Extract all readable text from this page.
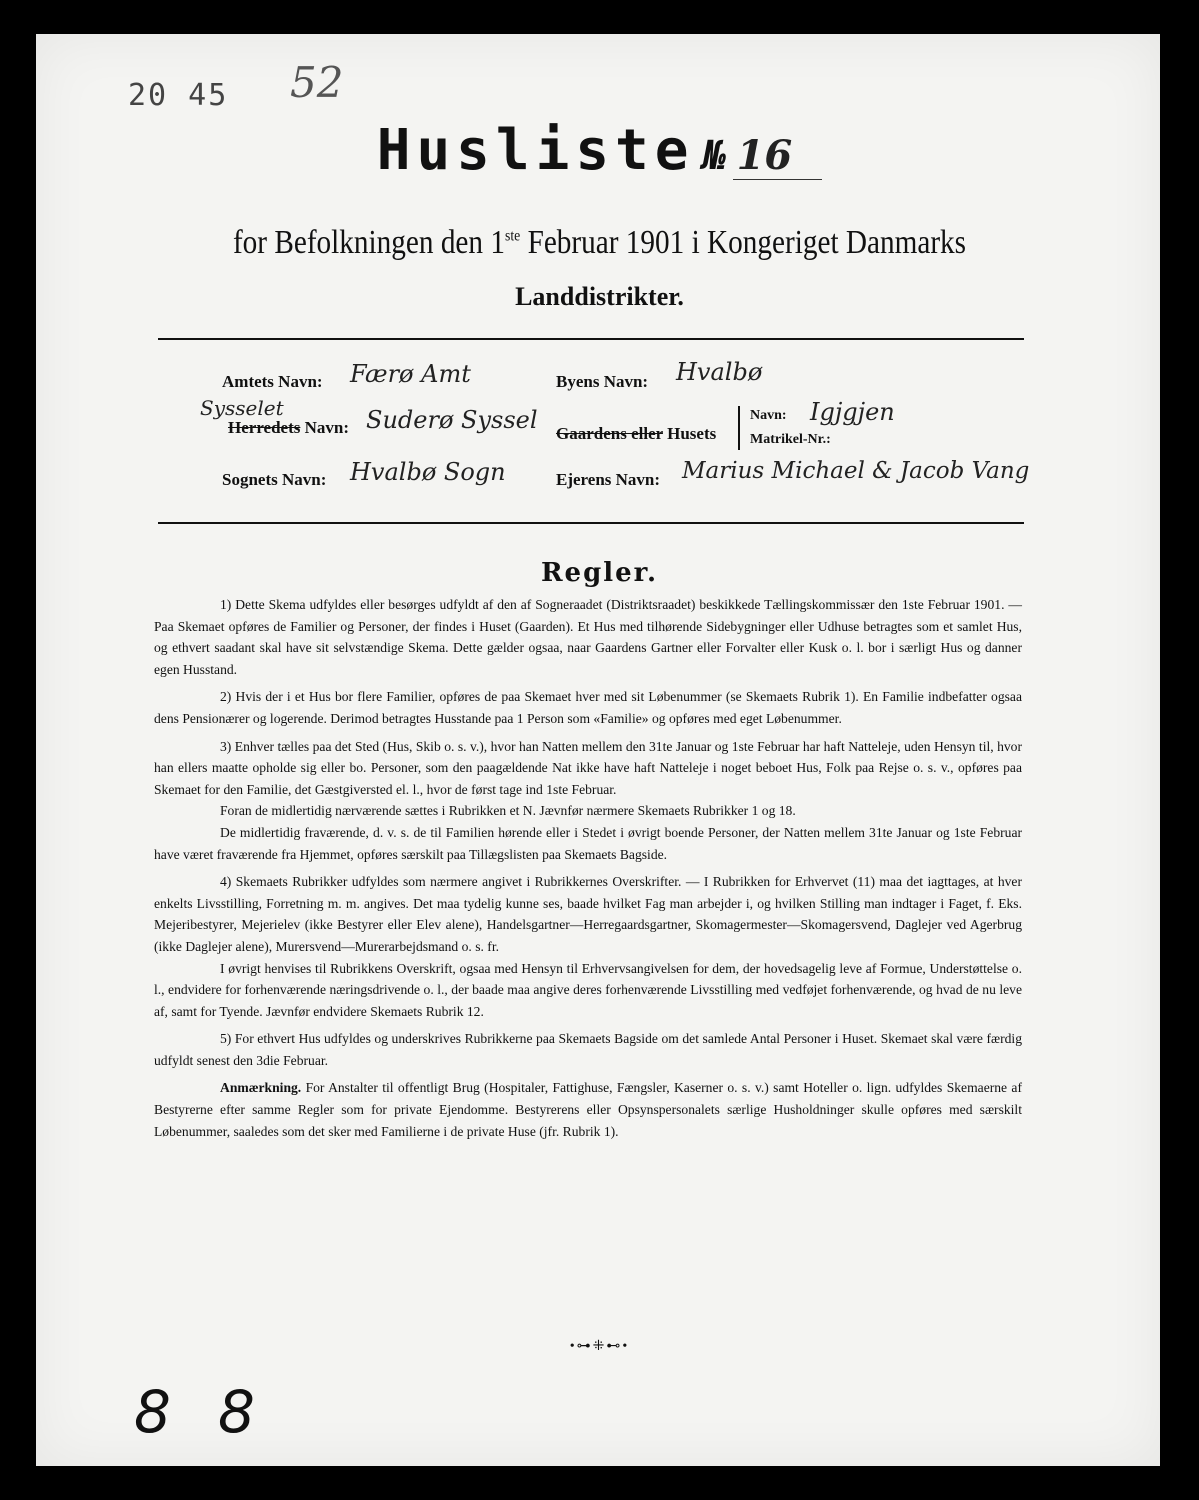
20 45 52
Husliste № 16
for Befolkningen den 1ste Februar 1901 i Kongeriget Danmarks
Landdistrikter.
Amtets Navn: Færø Amt
Sysselet
Herredets Navn: Suderø Syssel
Sognets Navn: Hvalbø Sogn
Byens Navn: Hvalbø
Gaardens eller Husets
Navn: Igjgjen
Matrikel-Nr.:
Ejerens Navn: Marius Michael & Jacob Vang
Regler.

1) Dette Skema udfyldes eller besørges udfyldt af den af Sogneraadet (Distriktsraadet) beskikkede Tællingskommissær den 1ste Februar 1901. — Paa Skemaet opføres de Familier og Personer, der findes i Huset (Gaarden). Et Hus med tilhørende Sidebygninger eller Udhuse betragtes som et samlet Hus, og ethvert saadant skal have sit selvstændige Skema. Dette gælder ogsaa, naar Gaardens Gartner eller Forvalter eller Kusk o. l. bor i særligt Hus og danner egen Husstand.

2) Hvis der i et Hus bor flere Familier, opføres de paa Skemaet hver med sit Løbenummer (se Skemaets Rubrik 1). En Familie indbefatter ogsaa dens Pensionærer og logerende. Derimod betragtes Husstande paa 1 Person som «Familie» og opføres med eget Løbenummer.

3) Enhver tælles paa det Sted (Hus, Skib o. s. v.), hvor han Natten mellem den 31te Januar og 1ste Februar har haft Natteleje, uden Hensyn til, hvor han ellers maatte opholde sig eller bo. Personer, som den paagældende Nat ikke have haft Natteleje i noget beboet Hus, Folk paa Rejse o. s. v., opføres paa Skemaet for den Familie, det Gæstgiversted el. l., hvor de først tage ind 1ste Februar.

Foran de midlertidig nærværende sættes i Rubrikken et N. Jævnfør nærmere Skemaets Rubrikker 1 og 18.

De midlertidig fraværende, d. v. s. de til Familien hørende eller i Stedet i øvrigt boende Personer, der Natten mellem 31te Januar og 1ste Februar have været fraværende fra Hjemmet, opføres særskilt paa Tillægslisten paa Skemaets Bagside.

4) Skemaets Rubrikker udfyldes som nærmere angivet i Rubrikkernes Overskrifter. — I Rubrikken for Erhvervet (11) maa det iagttages, at hver enkelts Livsstilling, Forretning m. m. angives. Det maa tydelig kunne ses, baade hvilket Fag man arbejder i, og hvilken Stilling man indtager i Faget, f. Eks. Mejeribestyrer, Mejerielev (ikke Bestyrer eller Elev alene), Handelsgartner—Herregaardsgartner, Skomagermester—Skomagersvend, Daglejer ved Agerbrug (ikke Daglejer alene), Murersvend—Murerarbejdsmand o. s. fr.

I øvrigt henvises til Rubrikkens Overskrift, ogsaa med Hensyn til Erhvervsangivelsen for dem, der hovedsagelig leve af Formue, Understøttelse o. l., endvidere for forhenværende næringsdrivende o. l., der baade maa angive deres forhenværende Livsstilling med vedføjet forhenværende, og hvad de nu leve af, samt for Tyende. Jævnfør endvidere Skemaets Rubrik 12.

5) For ethvert Hus udfyldes og underskrives Rubrikkerne paa Skemaets Bagside om det samlede Antal Personer i Huset. Skemaet skal være færdig udfyldt senest den 3die Februar.

Anmærkning. For Anstalter til offentligt Brug (Hospitaler, Fattighuse, Fængsler, Kaserner o. s. v.) samt Hoteller o. lign. udfyldes Skemaerne af Bestyrerne efter samme Regler som for private Ejendomme. Bestyrerens eller Opsynspersonalets særlige Husholdninger skulle opføres med særskilt Løbenummer, saaledes som det sker med Familierne i de private Huse (jfr. Rubrik 1).

•⊶⁜⊷•
8 8
